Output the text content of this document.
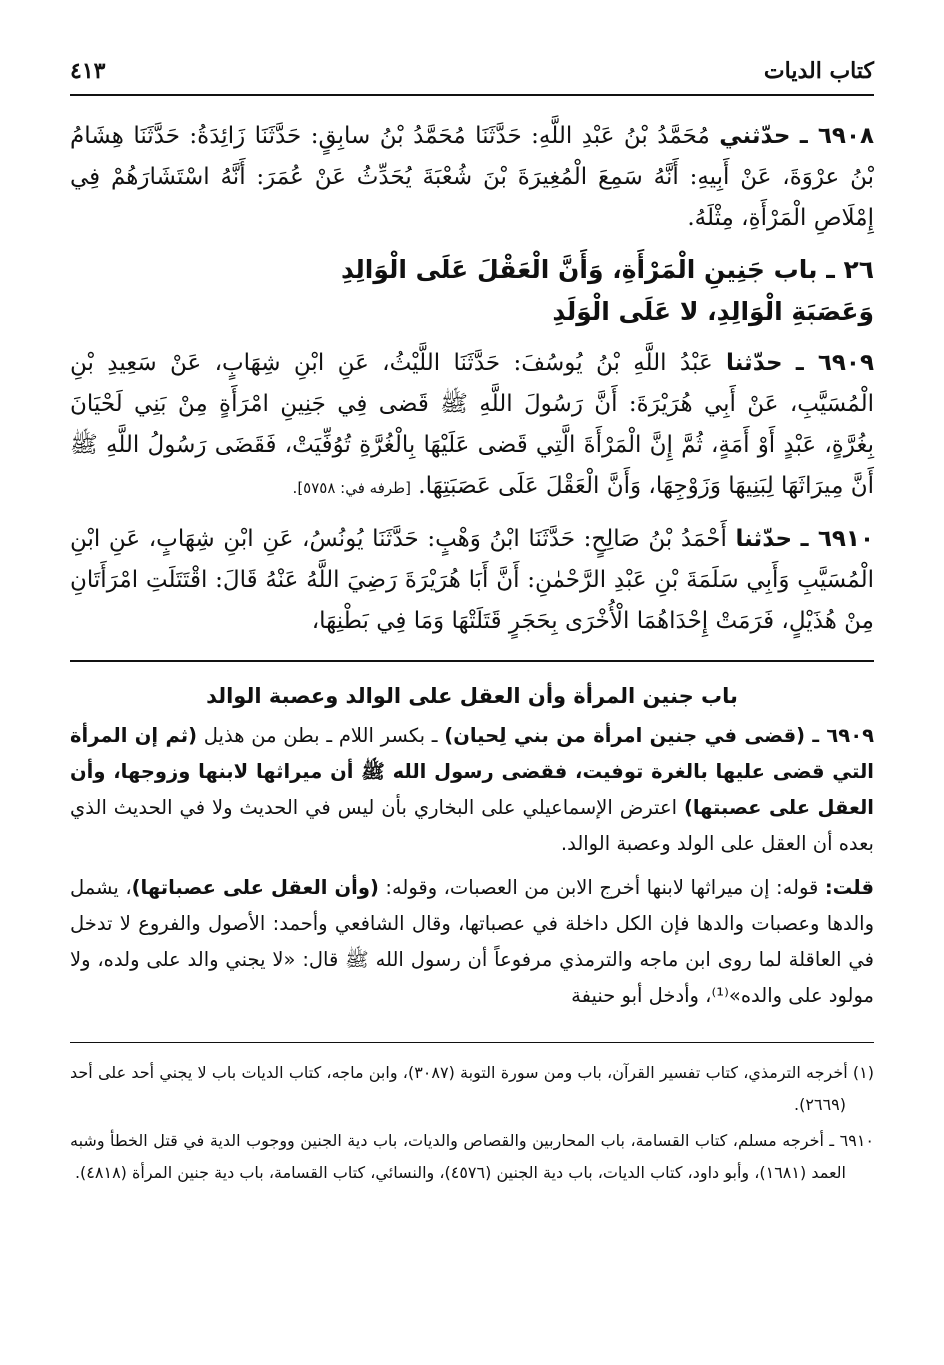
كتاب الديات
٤١٣

٦٩٠٨ ـ حدّثني مُحَمَّدُ بْنُ عَبْدِ اللَّهِ: حَدَّثَنَا مُحَمَّدُ بْنُ سابِقٍ: حَدَّثَنَا زَائِدَةُ: حَدَّثَنَا هِشَامُ بْنُ عرْوَةَ، عَنْ أَبِيهِ: أَنَّهُ سَمِعَ الْمُغِيرَةَ بْنَ شُعْبَةَ يُحَدِّثُ عَنْ عُمَرَ: أَنَّهُ اسْتَشَارَهُمْ فِي إِمْلَاصِ الْمَرْأَةِ، مِثْلَهُ.

٢٦ ـ باب جَنِينِ الْمَرْأَةِ، وَأَنَّ الْعَقْلَ عَلَى الْوَالِدِ
وَعَصَبَةِ الْوَالِدِ، لا عَلَى الْوَلَدِ

٦٩٠٩ ـ حدّثنا عَبْدُ اللَّهِ بْنُ يُوسُفَ: حَدَّثَنَا اللَّيْثُ، عَنِ ابْنِ شِهَابٍ، عَنْ سَعِيدِ بْنِ الْمُسَيَّبِ، عَنْ أَبِي هُرَيْرَةَ: أَنَّ رَسُولَ اللَّهِ ﷺ قَضى فِي جَنِينِ امْرَأَةٍ مِنْ بَنِي لَحْيَانَ بِغُرَّةٍ، عَبْدٍ أَوْ أَمَةٍ، ثُمَّ إِنَّ الْمَرْأَةَ الَّتِي قَضى عَلَيْهَا بِالْغُرَّةِ تُوُفِّيَتْ، فَقَضَى رَسُولُ اللَّهِ ﷺ أَنَّ مِيرَاثَهَا لِبَنِيهَا وَزَوْجِهَا، وَأَنَّ الْعَقْلَ عَلَى عَصَبَتِهَا. [طرفه في: ٥٧٥٨].

٦٩١٠ ـ حدّثنا أَحْمَدُ بْنُ صَالِحٍ: حَدَّثَنَا ابْنُ وَهْبٍ: حَدَّثَنَا يُونُسُ، عَنِ ابْنِ شِهَابٍ، عَنِ ابْنِ الْمُسَيَّبِ وَأَبِي سَلَمَةَ بْنِ عَبْدِ الرَّحْمٰنِ: أَنَّ أَبَا هُرَيْرَةَ رَضِيَ اللَّهُ عَنْهُ قَالَ: اقْتَتَلَتِ امْرَأَتَانِ مِنْ هُذَيْلٍ، فَرَمَتْ إِحْدَاهُمَا الْأُخْرَى بِحَجَرٍ قَتَلَتْهَا وَمَا فِي بَطْنِهَا،

باب جنين المرأة وأن العقل على الوالد وعصبة الوالد

٦٩٠٩ ـ (قضى في جنين امرأة من بني لِحيان) ـ بكسر اللام ـ بطن من هذيل (ثم إن المرأة التي قضى عليها بالغرة توفيت، فقضى رسول الله ﷺ أن ميراثها لابنها وزوجها، وأن العقل على عصبتها) اعترض الإسماعيلي على البخاري بأن ليس في الحديث ولا في الحديث الذي بعده أن العقل على الولد وعصبة الوالد.

قلت: قوله: إن ميراثها لابنها أخرج الابن من العصبات، وقوله: (وأن العقل على عصباتها)، يشمل والدها وعصبات والدها فإن الكل داخلة في عصباتها، وقال الشافعي وأحمد: الأصول والفروع لا تدخل في العاقلة لما روى ابن ماجه والترمذي مرفوعاً أن رسول الله ﷺ قال: «لا يجني والد على ولده، ولا مولود على والده»⁽¹⁾، وأدخل أبو حنيفة

(١) أخرجه الترمذي، كتاب تفسير القرآن، باب ومن سورة التوبة (٣٠٨٧)، وابن ماجه، كتاب الديات باب لا يجني أحد على أحد (٢٦٦٩).

٦٩١٠ ـ أخرجه مسلم، كتاب القسامة، باب المحاربين والقصاص والديات، باب دية الجنين ووجوب الدية في قتل الخطأ وشبه العمد (١٦٨١)، وأبو داود، كتاب الديات، باب دية الجنين (٤٥٧٦)، والنسائي، كتاب القسامة، باب دية جنين المرأة (٤٨١٨).
